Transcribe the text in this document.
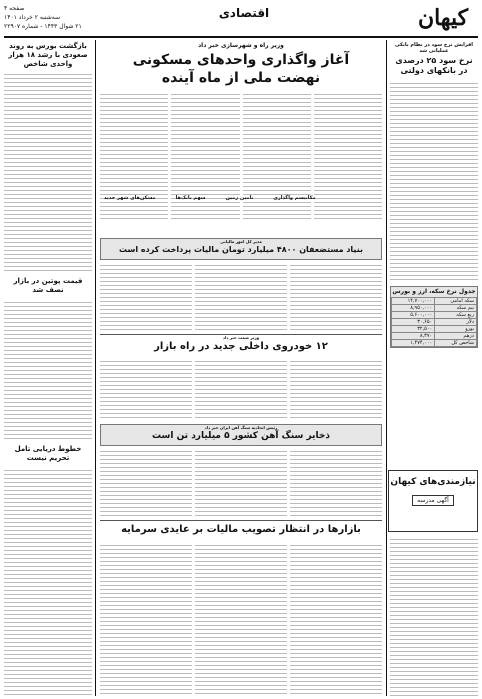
کیهان
اقتصادی
صفحه ۴
سه‌شنبه ۲ خرداد ۱۴۰۱
۲۱ شوال ۱۴۴۳ - شماره ۲۲۹۰۷
افزایش نرخ سود در نظام بانکی عملیاتی شد
نرخ سود ۲۵ درصدی در بانکهای دولتی
جدول نرخ سکه، ارز و بورس
سکه امامی	۱۴,۷۰۰,۰۰۰
نیم سکه	۸,۹۵۰,۰۰۰
ربع سکه	۵,۶۰۰,۰۰۰
دلار	۳۰,۶۵۰
یورو	۳۲,۵۰۰
درهم	۸,۳۷۰
شاخص کل	۱,۴۷۴,۰۰۰
نیازمندی‌های کیهان
آگهی مدرسه
بازگشت بورس به روند صعودی با رشد ۱۸ هزار واحدی شاخص
قیمت پوتین در بازار نصف شد
خطوط دریایی تامل تحریم نیست
وزیر راه و شهرسازی خبر داد
آغاز واگذاری واحدهای مسکونی نهضت ملی از ماه آینده
مدیر کل امور مالیاتی
بنیاد مستضعفان ۴۸۰۰ میلیارد تومان مالیات پرداخت کرده است
وزیر صمت خبر داد
۱۲ خودروی داخلی جدید در راه بازار
رئیس اتحادیه سنگ آهن ایران خبر داد
ذخایر سنگ آهن کشور ۵ میلیارد تن است
بازارها در انتظار تصویب مالیات بر عایدی سرمایه
مکانیسم واگذاری
تامین زمین
سهم بانک‌ها
مسکن‌های شهر جدید
